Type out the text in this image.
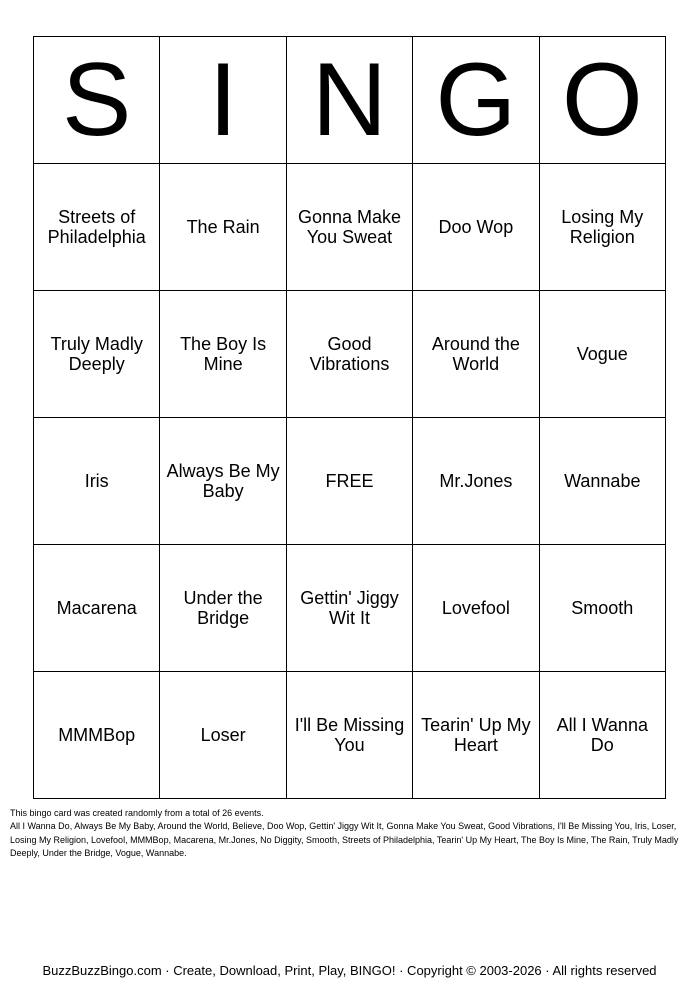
S	I	N	G	O
Streets of Philadelphia	The Rain	Gonna Make You Sweat	Doo Wop	Losing My Religion
Truly Madly Deeply	The Boy Is Mine	Good Vibrations	Around the World	Vogue
Iris	Always Be My Baby	FREE	Mr.Jones	Wannabe
Macarena	Under the Bridge	Gettin' Jiggy Wit It	Lovefool	Smooth
MMMBop	Loser	I'll Be Missing You	Tearin' Up My Heart	All I Wanna Do

This bingo card was created randomly from a total of 26 events.

All I Wanna Do, Always Be My Baby, Around the World, Believe, Doo Wop, Gettin' Jiggy Wit It, Gonna Make You Sweat, Good Vibrations, I'll Be Missing You, Iris, Loser, Losing My Religion, Lovefool, MMMBop, Macarena, Mr.Jones, No Diggity, Smooth, Streets of Philadelphia, Tearin' Up My Heart, The Boy Is Mine, The Rain, Truly Madly Deeply, Under the Bridge, Vogue, Wannabe.

BuzzBuzzBingo.com · Create, Download, Print, Play, BINGO! · Copyright © 2003-2026 · All rights reserved
